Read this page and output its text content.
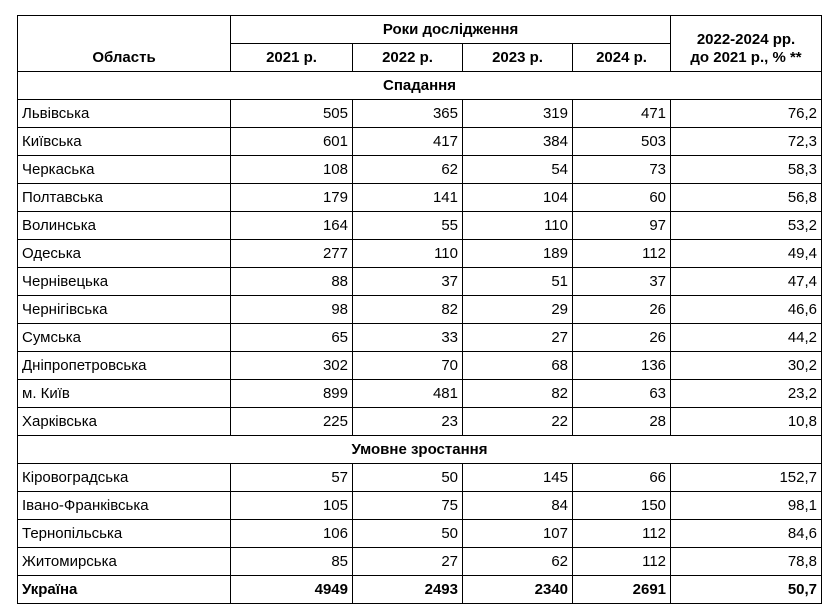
Область	Роки дослідження				2022-2024 рр.
до 2021 р., % **

	2021 р.	2022 р.	2023 р.	2024 р.	
Спадання					
Львівська	505	365	319	471	76,2
Київська	601	417	384	503	72,3
Черкаська	108	62	54	73	58,3
Полтавська	179	141	104	60	56,8
Волинська	164	55	110	97	53,2
Одеська	277	110	189	112	49,4
Чернівецька	88	37	51	37	47,4
Чернігівська	98	82	29	26	46,6
Сумська	65	33	27	26	44,2
Дніпропетровська	302	70	68	136	30,2
м. Київ	899	481	82	63	23,2
Харківська	225	23	22	28	10,8
Умовне зростання					
Кіровоградська	57	50	145	66	152,7
Івано-Франківська	105	75	84	150	98,1
Тернопільська	106	50	107	112	84,6
Житомирська	85	27	62	112	78,8
Україна	4949	2493	2340	2691	50,7
